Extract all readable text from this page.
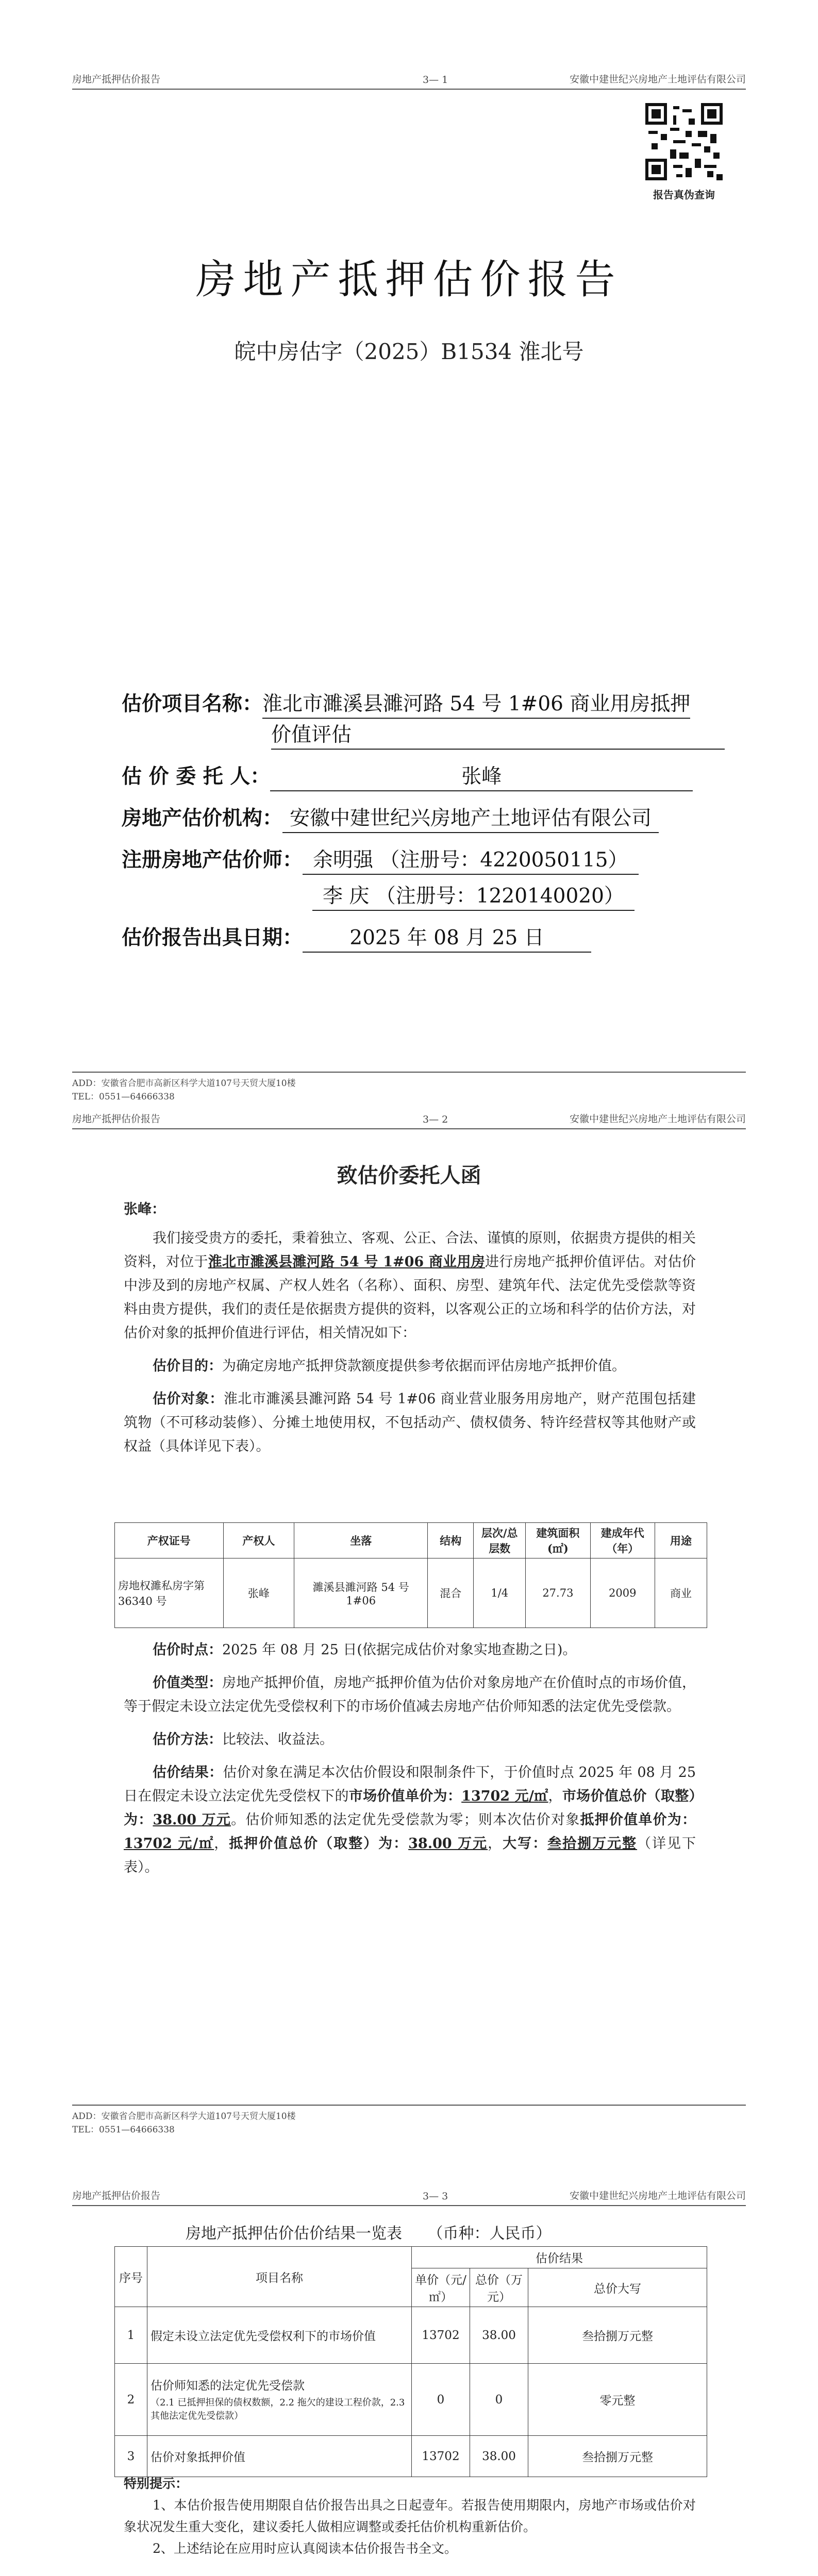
房地产抵押估价报告	3— 1	安徽中建世纪兴房地产土地评估有限公司
报告真伪查询
房地产抵押估价报告
皖中房估字（2025）B1534 淮北号
估价项目名称：淮北市濉溪县濉河路 54 号 1#06 商业用房抵押
价值评估
估 价 委 托 人：	张峰
房地产估价机构： 安徽中建世纪兴房地产土地评估有限公司
注册房地产估价师： 余明强 （注册号：4220050115）
李 庆 （注册号：1220140020）
估价报告出具日期： 2025 年 08 月 25 日
ADD：安徽省合肥市高新区科学大道107号天贸大厦10楼
TEL：0551—64666338
房地产抵押估价报告	3— 2	安徽中建世纪兴房地产土地评估有限公司
致估价委托人函
张峰：
我们接受贵方的委托，秉着独立、客观、公正、合法、谨慎的原则，依据贵方提供的相关资料，对位于淮北市濉溪县濉河路 54 号 1#06 商业用房进行房地产抵押价值评估。对估价中涉及到的房地产权属、产权人姓名（名称）、面积、房型、建筑年代、法定优先受偿款等资料由贵方提供，我们的责任是依据贵方提供的资料，以客观公正的立场和科学的估价方法，对估价对象的抵押价值进行评估，相关情况如下：
估价目的：为确定房地产抵押贷款额度提供参考依据而评估房地产抵押价值。
估价对象：淮北市濉溪县濉河路 54 号 1#06 商业营业服务用房地产，财产范围包括建筑物（不可移动装修）、分摊土地使用权，不包括动产、债权债务、特许经营权等其他财产或权益（具体详见下表）。
产权证号	产权人	坐落	结构	层次/总层数	建筑面积(㎡)	建成年代（年）	用途
房地权濉私房字第 36340 号	张峰	濉溪县濉河路 54 号 1#06	混合	1/4	27.73	2009	商业
估价时点：2025 年 08 月 25 日(依据完成估价对象实地查勘之日)。
价值类型：房地产抵押价值，房地产抵押价值为估价对象房地产在价值时点的市场价值，等于假定未设立法定优先受偿权利下的市场价值减去房地产估价师知悉的法定优先受偿款。
估价方法：比较法、收益法。
估价结果：估价对象在满足本次估价假设和限制条件下，于价值时点 2025 年 08 月 25 日在假定未设立法定优先受偿权下的市场价值单价为：13702 元/㎡，市场价值总价（取整）为：38.00 万元。估价师知悉的法定优先受偿款为零；则本次估价对象抵押价值单价为：13702 元/㎡，抵押价值总价（取整）为：38.00 万元，大写：叁拾捌万元整（详见下表）。
ADD：安徽省合肥市高新区科学大道107号天贸大厦10楼
TEL：0551—64666338
房地产抵押估价报告	3— 3	安徽中建世纪兴房地产土地评估有限公司
房地产抵押估价估价结果一览表 （币种：人民币）
序号	项目名称	估价结果		
		单价（元/㎡）	总价（万元）	总价大写
1	假定未设立法定优先受偿权利下的市场价值	13702	38.00	叁拾捌万元整
2	估价师知悉的法定优先受偿款
（2.1 已抵押担保的债权数额，2.2 拖欠的建设工程价款，2.3 其他法定优先受偿款）	0	0	零元整
3	估价对象抵押价值	13702	38.00	叁拾捌万元整
特别提示：
1、本估价报告使用期限自估价报告出具之日起壹年。若报告使用期限内，房地产市场或估价对象状况发生重大变化，建议委托人做相应调整或委托估价机构重新估价。
2、上述结论在应用时应认真阅读本估价报告书全文。
